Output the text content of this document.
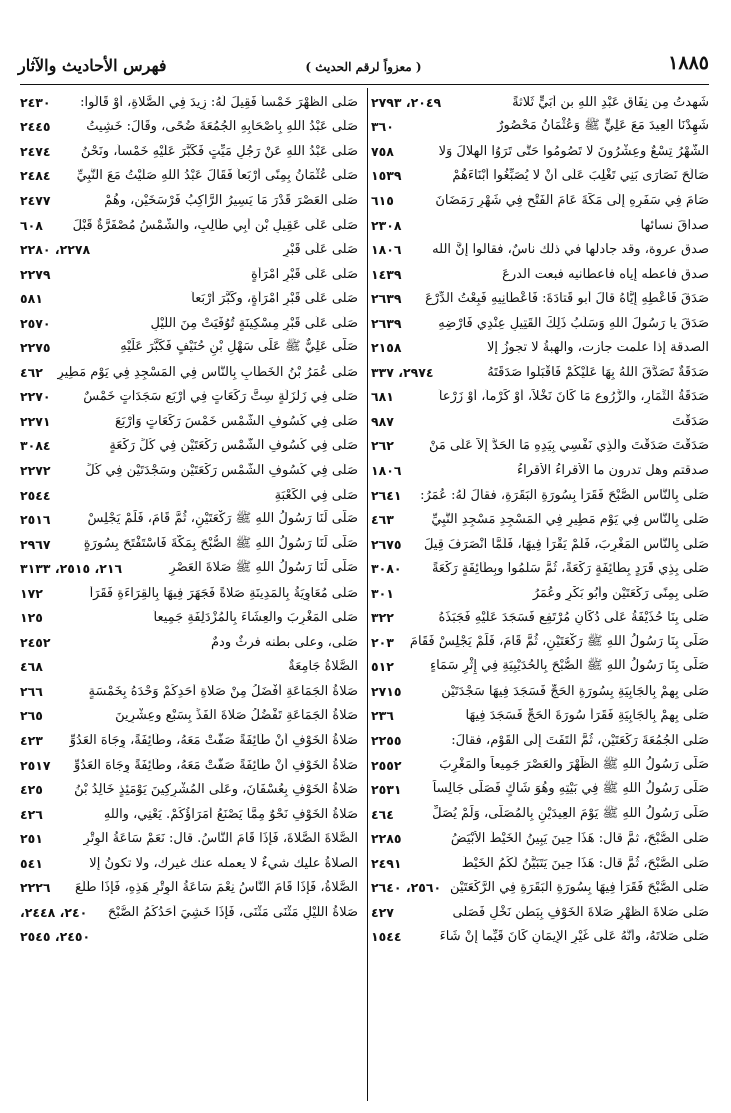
١٨٨٥
( معزواً لرقم الحديث )
فهرس الأحاديث والآثار
شَهِدتُ مِن نِفَاقِ عَبْدِ اللهِ بنِ أُبَيٍّ ثَلاثةً
٢٠٤٩، ٢٧٩٣
شَهِدْنَا العِيدَ مَعَ عَلِيٍّ ﷺ وَعُثْمَانُ مَحْصُورٌ
٣٦٠
الشَّهْرُ تِسْعٌ وعِشْرُونَ لا تَصُومُوا حَتَّى تَرَوُا الهِلالَ وَلا
٧٥٨
صَالَحَ نَصَارَى بَنِي تَغْلِبَ عَلَى أَنْ لا يُصَبِّغُوا أَبْنَاءَهُمْ
١٥٣٩
صَامَ فِي سَفَرِهِ إِلَى مَكَّةَ عَامَ الفَتْحِ فِي شَهْرِ رَمَضَانَ
٦١٥
صداقَ نسائها
٢٣٠٨
صدق عروة، وقد جادلها في ذلك ناسٌ، فقالوا إنَّ الله
١٨٠٦
صدق فأعطه إياه فأعطانيه فبعت الدرعَ
١٤٣٩
صَدَقَ فَأَعْطِهِ إِيَّاهُ قالَ أبو قَتادَةَ: فَأَعْطَانِيهِ فَبِعْتُ الدِّرْعَ
٢٦٣٩
صَدَقَ يا رَسُولَ اللهِ وَسَلَبُ ذَلِكَ القَتِيلِ عِنْدِي فَأَرْضِهِ
٢٦٣٩
الصدقة إذا علمت جازت، والهبةُ لا تجوزُ إلا
٢١٥٨
صَدَقَةٌ تَصَدَّقَ اللهُ بِهَا عَلَيْكُمْ فَاقْبَلُوا صَدَقَتَهُ
٢٩٧٤، ٣٣٧
صَدَقَةُ الثِّمَارِ، والزُّرُوعِ مَا كَانَ نَخْلاً، أَوْ كَرْماً، أَوْ زَرْعاً
٦٨١
صَدَقْتَ
٩٨٧
صَدَقْتَ صَدَقْتَ والَّذِي نَفْسِي بِيَدِهِ مَا الحَدُّ إِلاَّ عَلَى مَنْ
٢٦٢
صدقتم وهل تدرون ما الأقراءُ الأقراءُ
١٨٠٦
صَلَّى بِالنَّاسِ الصُّبْحَ فَقَرَأَ بِسُورَةِ البَقَرَةِ، فقالَ لَهُ: عُمَرُ:
٢٦٤١
صَلَّى بِالنَّاسِ فِي يَوْمِ مَطِيرٍ فِي المَسْجِدِ مَسْجِدِ النَّبِيِّ
٤٦٣
صَلَّى بِالنَّاسِ المَغْرِبَ، فَلَمْ يَقْرَأْ فِيهَا، فَلَمَّا انْصَرَفَ قِيلَ
٢٦٧٥
صَلَّى بِذِي قَرَدٍ بِطَائِفَةٍ رَكْعَةً، ثُمَّ سَلَّمُوا وبِطَائِفَةٍ رَكْعَةً
٣٠٨٠
صَلَّى بِمِنًى رَكْعَتَيْنِ وأَبُو بَكْرٍ وعُمَرُ
٣٠١
صَلَّى بِنَا حُذَيْفَةُ عَلَى دُكَّانٍ مُرْتَفِعٍ فَسَجَدَ عَلَيْهِ فَجَبَذَهُ
٣٢٢
صَلَّى بِنَا رَسُولُ اللهِ ﷺ رَكْعَتَيْنِ، ثُمَّ قَامَ، فَلَمْ يَجْلِسْ فَقَامَ
٢٠٣
صَلَّى بِنَا رَسُولُ اللهِ ﷺ الصُّبْحَ بِالحُدَيْبِيَةِ فِي إِثْرِ سَمَاءٍ
٥١٢
صَلَّى بِهِمْ بِالجَابِيَةِ بِسُورَةِ الحَجِّ فَسَجَدَ فِيهَا سَجْدَتَيْنِ
٢٧١٥
صَلَّى بِهِمْ بِالجَابِيَةِ فَقَرَأَ سُورَةَ الحَجِّ فَسَجَدَ فِيهَا
٢٣٦
صَلَّى الجُمُعَةَ رَكْعَتَيْنِ، ثُمَّ الْتَفَتَ إِلَى القَوْمِ، فقالَ:
٢٢٥٥
صَلَّى رَسُولُ اللهِ ﷺ الظُّهْرَ والعَصْرَ جَمِيعاً والمَغْرِبَ
٢٥٥٢
صَلَّى رَسُولُ اللهِ ﷺ فِي بَيْتِهِ وهُوَ شَاكٍ فَصَلَّى جَالِساً
٢٥٣١
صَلَّى رَسُولُ اللهِ ﷺ يَوْمَ العِيدَيْنِ بِالمُصَلَّى، وَلَمْ يُصَلِّ
٤٦٤
صَلَّى الصُّبْحَ، ثمَّ قال: هَذَا حِينَ يَبِينُ الخَيْطُ الأَبْيَضُ
٢٢٨٥
صَلَّى الصُّبْحَ، ثُمَّ قال: هَذَا حِينَ يَتَبَيَّنُ لَكُمُ الخَيْطُ
٢٤٩١
صَلَّى الصُّبْحَ فَقَرَأَ فِيهَا بِسُورَةِ البَقَرَةِ فِي الرَّكْعَتَيْنِ
٢٥٦٠، ٢٦٤٠
صَلَّى صَلاةَ الظُّهْرِ صَلاةَ الخَوْفِ بِبَطْنِ نَخْلٍ فَصَلَّى
٤٢٧
صَلَّى صَلاتَهُ، وأَنَّهُ عَلَى غَيْرِ الإِيمَانِ كَانَ قَيِّماً إِنْ شَاءَ
١٥٤٤
صَلَّى الظُّهْرَ خَمْساً فَقِيلَ لَهُ: زِيدَ فِي الصَّلاةِ، أَوْ قَالُوا:
٢٤٣٠
صَلَّى عَبْدُ اللهِ بِأَصْحَابِهِ الجُمُعَةَ ضُحًى، وقَالَ: خَشِيتُ
٢٤٤٥
صَلَّى عَبْدُ اللهِ عَنْ رَجُلٍ مَيِّتٍ فَكَبَّرَ عَلَيْهِ خَمْساً، ونَحْنُ
٢٤٧٤
صَلَّى عُثْمَانُ بِمِنًى أَرْبَعاً فَقَالَ عَبْدُ اللهِ صَلَّيْتُ مَعَ النَّبِيِّ
٢٤٨٤
صَلَّى العَصْرَ قَدْرَ مَا يَسِيرُ الرَّاكِبُ فَرْسَخَيْنِ، وهُمْ
٢٤٧٧
صَلَّى عَلَى عَقِيلِ بْنِ أَبِي طَالِبٍ، والشَّمْسُ مُصْفَرَّةٌ قَبْلَ
٦٠٨
صَلَّى عَلَى قَبْرٍ
٢٢٧٨، ٢٢٨٠
صَلَّى عَلَى قَبْرِ امْرَأَةٍ
٢٢٧٩
صَلَّى عَلَى قَبْرِ امْرَأَةٍ، وكَبَّرَ أَرْبَعاً
٥٨١
صَلَّى عَلَى قَبْرِ مِسْكِينَةٍ تُوُفِّيَتْ مِنَ اللَّيْلِ
٢٥٧٠
صَلَّى عَلِيٌّ ﷺ عَلَى سَهْلِ بْنِ حُنَيْفٍ فَكَبَّرَ عَلَيْهِ
٢٢٧٥
صَلَّى عُمَرُ بْنُ الخَطَّابِ بِالنَّاسِ فِي المَسْجِدِ فِي يَوْمِ مَطِيرٍ
٤٦٢
صَلَّى فِي زَلْزَلَةٍ سِتَّ رَكَعَاتٍ فِي أَرْبَعِ سَجَدَاتٍ خَمْسٌ
٢٢٧٠
صَلَّى فِي كُسُوفِ الشَّمْسِ خَمْسَ رَكَعَاتٍ وَأَرْبَعَ
٢٢٧١
صَلَّى فِي كُسُوفِ الشَّمْسِ رَكْعَتَيْنِ فِي كُلِّ رَكْعَةٍ
٣٠٨٤
صَلَّى فِي كُسُوفِ الشَّمْسِ رَكْعَتَيْنِ وسَجْدَتَيْنِ فِي كُلِّ
٢٢٧٢
صَلَّى فِي الكَعْبَةِ
٢٥٤٤
صَلَّى لَنَا رَسُولُ اللهِ ﷺ رَكْعَتَيْنِ، ثُمَّ قَامَ، فَلَمْ يَجْلِسْ
٢٥١٦
صَلَّى لَنَا رَسُولُ اللهِ ﷺ الصُّبْحَ بِمَكَّةَ فَاسْتَفْتَحَ بِسُورَةٍ
٢٩٦٧
صَلَّى لَنَا رَسُولُ اللهِ ﷺ صَلاةَ العَصْرِ
٢١٦، ٢٥١٥، ٣١٣٣
صَلَّى مُعَاوِيَةُ بِالمَدِينَةِ صَلاةً فَجَهَرَ فِيهَا بِالقِرَاءَةِ فَقَرَأَ
١٧٢
صَلَّى المَغْرِبَ والعِشَاءَ بِالمُزْدَلِفَةِ جَمِيعاً
١٢٥
صَلَّى، وعلى بطنه فرثٌ ودمٌ
٢٤٥٢
الصَّلاةُ جَامِعَةٌ
٤٦٨
صَلاةُ الجَمَاعَةِ أَفْضَلُ مِنْ صَلاةِ أَحَدِكُمْ وَحْدَهُ بِخَمْسَةٍ
٢٦٦
صَلاةُ الجَمَاعَةِ تَفْضُلُ صَلاةَ الفَذِّ بِسَبْعٍ وعِشْرِينَ
٢٦٥
صَلاةُ الخَوْفِ أَنْ طَائِفَةً صَفَّتْ مَعَهُ، وطَائِفَةً، وِجَاهَ العَدُوِّ
٤٢٣
صَلاةُ الخَوْفِ أَنْ طَائِفَةً صَفَّتْ مَعَهُ، وطَائِفَةً وِجَاهَ العَدُوِّ
٢٥١٧
صَلاةُ الخَوْفِ بِعُسْفَانَ، وعَلَى المُشْرِكِينَ يَوْمَئِذٍ خَالِدُ بْنُ
٤٢٥
صَلاةُ الخَوْفِ نَحْوٌ مِمَّا يَصْنَعُ أُمَرَاؤُكُمْ. يَعْنِي، واللهِ
٤٢٦
الصَّلاةَ الصَّلاةَ، فَإِذَا قَامَ النَّاسُ. قال: نَعَمْ سَاعَةُ الوِتْرِ
٢٥١
الصلاةُ عليك شيءٌ لا يعمله عنك غيرك، ولا تكونُ إلا
٥٤١
الصَّلاةُ، فَإِذَا قَامَ النَّاسُ نِعْمَ سَاعَةُ الوِتْرِ هَذِهِ، فَإِذَا طَلَعَ
٢٢٢٦
صَلاةُ اللَّيْلِ مَثْنَى مَثْنَى، فَإِذَا خَشِيَ أَحَدُكُمُ الصُّبْحَ
٢٤٠، ٢٤٤٨،
٢٤٥٠، ٢٥٤٥
